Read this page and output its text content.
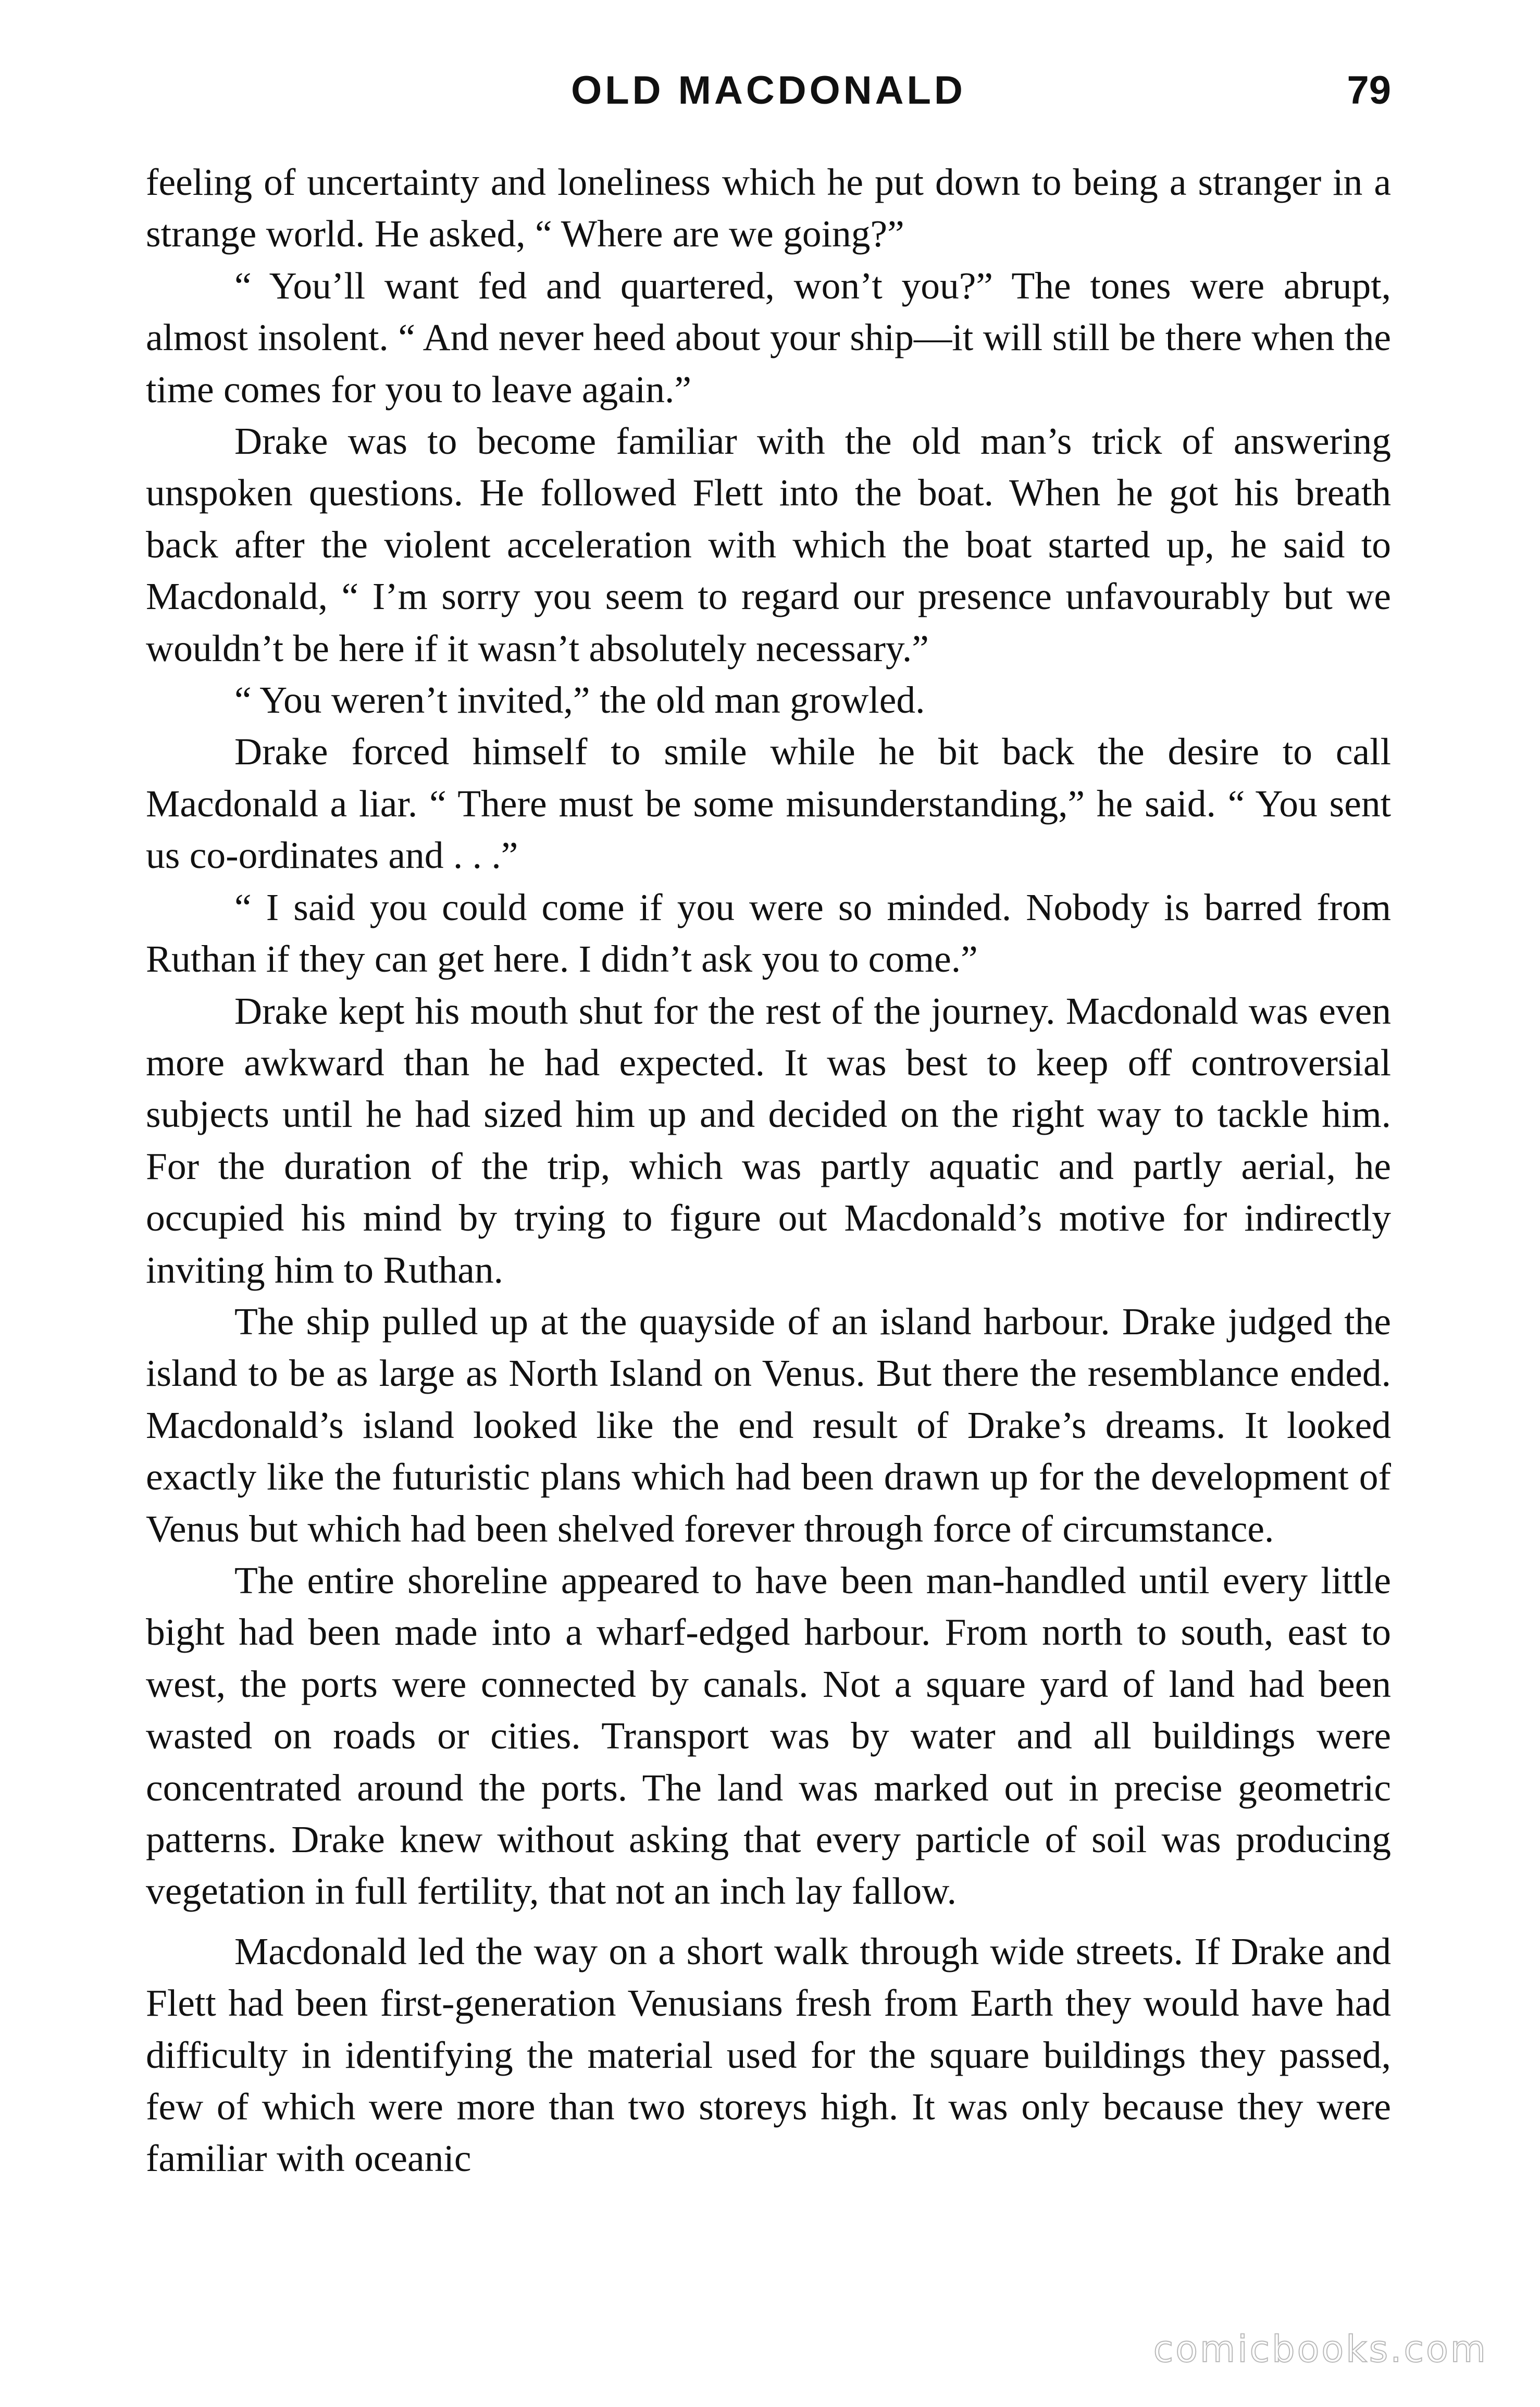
OLD MACDONALD	79

feeling of uncertainty and loneliness which he put down to being a stranger in a strange world. He asked, “ Where are we going?”

“ You’ll want fed and quartered, won’t you?” The tones were abrupt, almost insolent. “ And never heed about your ship—it will still be there when the time comes for you to leave again.”

Drake was to become familiar with the old man’s trick of answering unspoken questions. He followed Flett into the boat. When he got his breath back after the violent acceleration with which the boat started up, he said to Macdonald, “ I’m sorry you seem to regard our presence unfavourably but we wouldn’t be here if it wasn’t absolutely necessary.”

“ You weren’t invited,” the old man growled.

Drake forced himself to smile while he bit back the desire to call Macdonald a liar. “ There must be some misunderstanding,” he said. “ You sent us co-ordinates and . . .”

“ I said you could come if you were so minded. Nobody is barred from Ruthan if they can get here. I didn’t ask you to come.”

Drake kept his mouth shut for the rest of the journey. Macdonald was even more awkward than he had expected. It was best to keep off controversial subjects until he had sized him up and decided on the right way to tackle him. For the duration of the trip, which was partly aquatic and partly aerial, he occupied his mind by trying to figure out Macdonald’s motive for indirectly inviting him to Ruthan.

The ship pulled up at the quayside of an island harbour. Drake judged the island to be as large as North Island on Venus. But there the resemblance ended. Macdonald’s island looked like the end result of Drake’s dreams. It looked exactly like the futuristic plans which had been drawn up for the development of Venus but which had been shelved forever through force of circumstance.

The entire shoreline appeared to have been man-handled until every little bight had been made into a wharf-edged harbour. From north to south, east to west, the ports were connected by canals. Not a square yard of land had been wasted on roads or cities. Transport was by water and all buildings were concentrated around the ports. The land was marked out in precise geometric patterns. Drake knew without asking that every particle of soil was producing vegetation in full fertility, that not an inch lay fallow.

Macdonald led the way on a short walk through wide streets. If Drake and Flett had been first-generation Venusians fresh from Earth they would have had difficulty in identifying the material used for the square buildings they passed, few of which were more than two storeys high. It was only because they were familiar with oceanic

comicbooks.com
